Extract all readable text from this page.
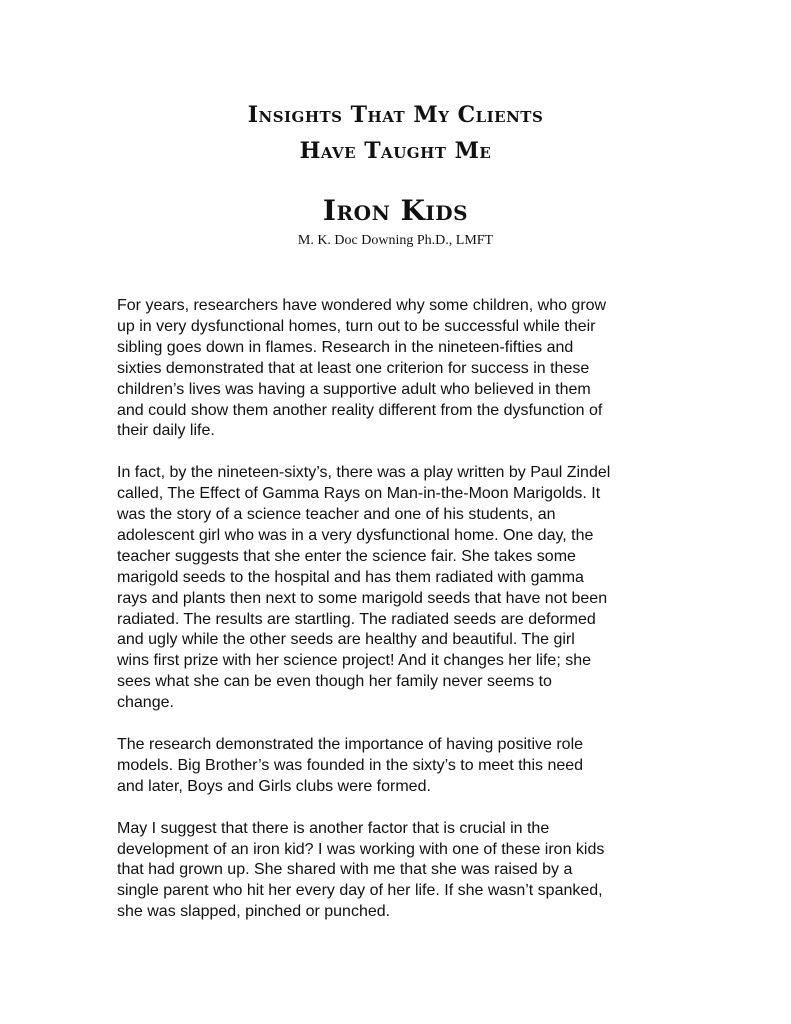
Insights That My Clients
Have Taught Me
Iron Kids
M. K. Doc Downing Ph.D., LMFT

For years, researchers have wondered why some children, who grow
up in very dysfunctional homes, turn out to be successful while their
sibling goes down in flames. Research in the nineteen-fifties and
sixties demonstrated that at least one criterion for success in these
children’s lives was having a supportive adult who believed in them
and could show them another reality different from the dysfunction of
their daily life.

In fact, by the nineteen-sixty’s, there was a play written by Paul Zindel
called, The Effect of Gamma Rays on Man-in-the-Moon Marigolds. It
was the story of a science teacher and one of his students, an
adolescent girl who was in a very dysfunctional home. One day, the
teacher suggests that she enter the science fair. She takes some
marigold seeds to the hospital and has them radiated with gamma
rays and plants then next to some marigold seeds that have not been
radiated. The results are startling. The radiated seeds are deformed
and ugly while the other seeds are healthy and beautiful. The girl
wins first prize with her science project! And it changes her life; she
sees what she can be even though her family never seems to
change.

The research demonstrated the importance of having positive role
models. Big Brother’s was founded in the sixty’s to meet this need
and later, Boys and Girls clubs were formed.

May I suggest that there is another factor that is crucial in the
development of an iron kid? I was working with one of these iron kids
that had grown up. She shared with me that she was raised by a
single parent who hit her every day of her life. If she wasn’t spanked,
she was slapped, pinched or punched.
